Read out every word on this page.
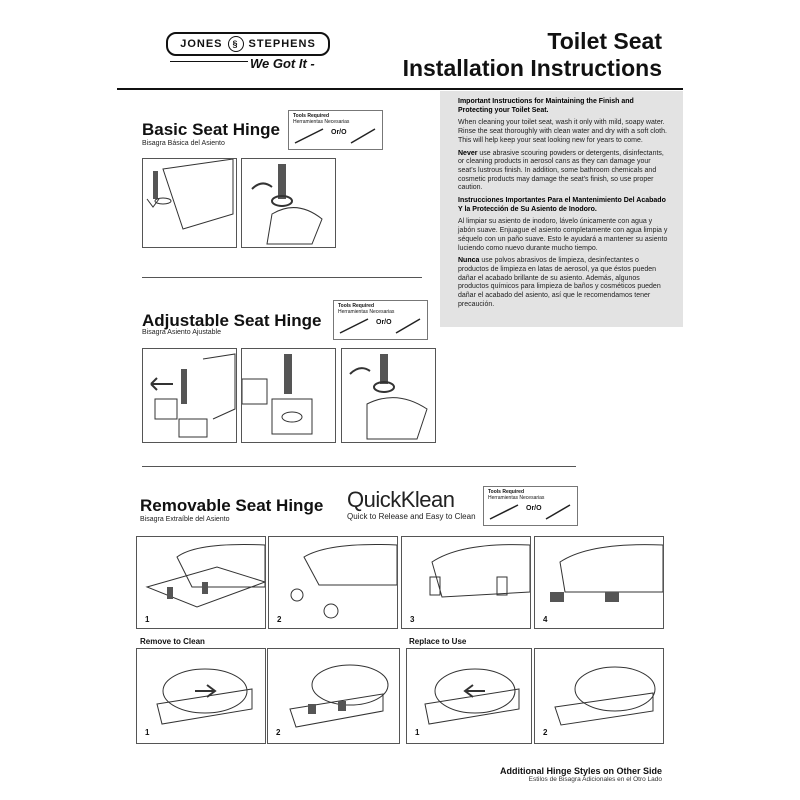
JONES	§ STEPHENS
We Got It -
Toilet Seat
Installation Instructions

Important Instructions for Maintaining the Finish and Protecting your Toilet Seat.

When cleaning your toilet seat, wash it only with mild, soapy water. Rinse the seat thoroughly with clean water and dry with a soft cloth. This will help keep your seat looking new for years to come.

Never use abrasive scouring powders or detergents, disinfectants, or cleaning products in aerosol cans as they can damage your seat's lustrous finish. In addition, some bathroom chemicals and cosmetic products may damage the seat's finish, so use proper caution.

Instrucciones Importantes Para el Mantenimiento Del Acabado Y la Protección de Su Asiento de Inodoro.

Al limpiar su asiento de inodoro, lávelo únicamente con agua y jabón suave. Enjuague el asiento completamente con agua limpia y séquelo con un paño suave. Esto le ayudará a mantener su asiento luciendo como nuevo durante mucho tiempo.

Nunca use polvos abrasivos de limpieza, desinfectantes o productos de limpieza en latas de aerosol, ya que éstos pueden dañar el acabado brillante de su asiento. Además, algunos productos químicos para limpieza de baños y cosméticos pueden dañar el acabado del asiento, así que le recomendamos tener precaución.

Basic Seat Hinge
Bisagra Básica del Asiento
Tools Required
Herramientas Necesarias
Or/O
Adjustable Seat Hinge
Bisagra Asiento Ajustable
Tools Required
Herramientas Necesarias
Or/O
Removable Seat Hinge
Bisagra Extraíble del Asiento
QuickKlean
Quick to Release and Easy to Clean
Tools Required
Herramientas Necesarias
Or/O
1	2	3	4
Remove to Clean	Replace to Use
1	2	1	2
Additional Hinge Styles on Other Side
Estilos de Bisagra Adicionales en el Otro Lado
